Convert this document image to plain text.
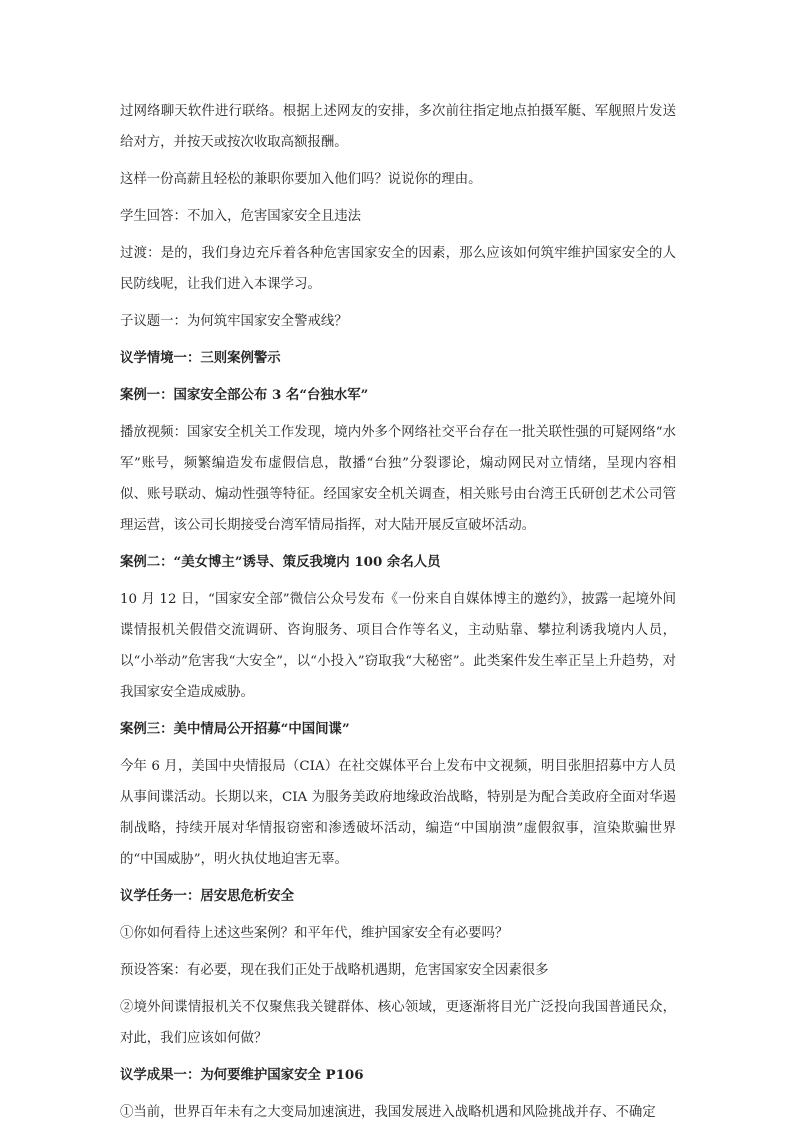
过网络聊天软件进行联络。根据上述网友的安排，多次前往指定地点拍摄军艇、军舰照片发送给对方，并按天或按次收取高额报酬。

这样一份高薪且轻松的兼职你要加入他们吗？说说你的理由。

学生回答：不加入，危害国家安全且违法

过渡：是的，我们身边充斥着各种危害国家安全的因素，那么应该如何筑牢维护国家安全的人民防线呢，让我们进入本课学习。

子议题一：为何筑牢国家安全警戒线？

议学情境一：三则案例警示

案例一：国家安全部公布 3 名“台独水军”

播放视频：国家安全机关工作发现，境内外多个网络社交平台存在一批关联性强的可疑网络“水军”账号，频繁编造发布虚假信息，散播“台独”分裂谬论，煽动网民对立情绪，呈现内容相似、账号联动、煽动性强等特征。经国家安全机关调查，相关账号由台湾王氏研创艺术公司管理运营，该公司长期接受台湾军情局指挥，对大陆开展反宣破坏活动。

案例二：“美女博主”诱导、策反我境内 100 余名人员

10 月 12 日，“国家安全部”微信公众号发布《一份来自自媒体博主的邀约》，披露一起境外间谍情报机关假借交流调研、咨询服务、项目合作等名义，主动贴靠、攀拉利诱我境内人员，以“小举动”危害我“大安全”，以“小投入”窃取我“大秘密”。此类案件发生率正呈上升趋势，对我国家安全造成威胁。

案例三：美中情局公开招募“中国间谍”

今年 6 月，美国中央情报局（CIA）在社交媒体平台上发布中文视频，明目张胆招募中方人员从事间谍活动。长期以来，CIA 为服务美政府地缘政治战略，特别是为配合美政府全面对华遏制战略，持续开展对华情报窃密和渗透破坏活动，编造“中国崩溃”虚假叙事，渲染欺骗世界的“中国威胁”，明火执仗地迫害无辜。

议学任务一：居安思危析安全

①你如何看待上述这些案例？和平年代，维护国家安全有必要吗？

预设答案：有必要，现在我们正处于战略机遇期，危害国家安全因素很多

②境外间谍情报机关不仅聚焦我关键群体、核心领域，更逐渐将目光广泛投向我国普通民众，对此，我们应该如何做？

议学成果一：为何要维护国家安全 P106

①当前，世界百年未有之大变局加速演进，我国发展进入战略机遇和风险挑战并存、不确定
